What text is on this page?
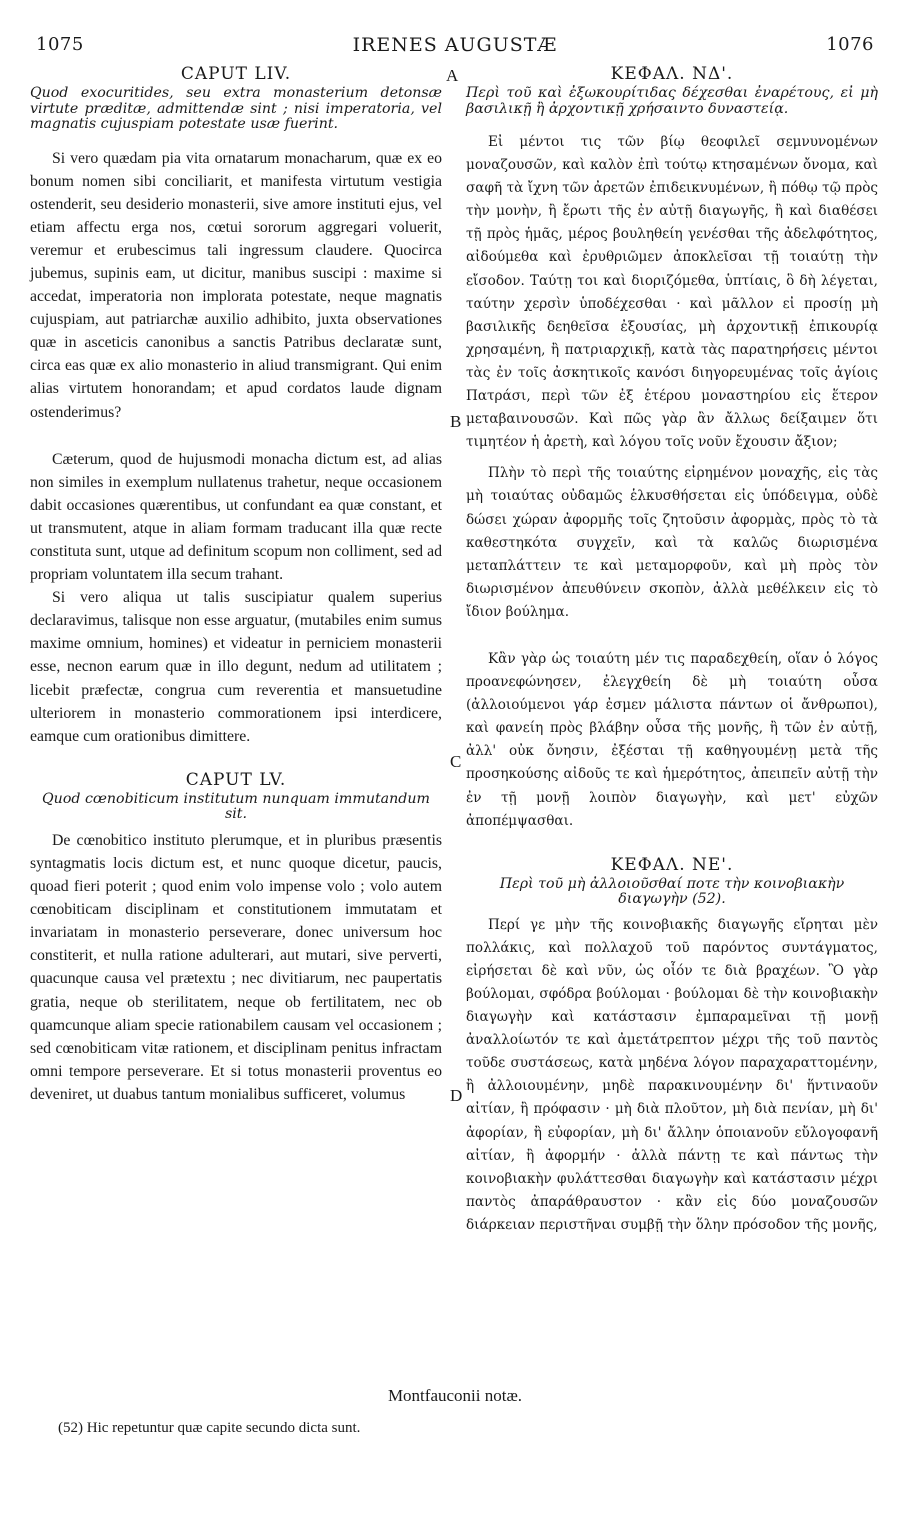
1075	IRENES AUGUSTÆ	1076
A
B
C
D
CAPUT LIV.
Quod exocuritides, seu extra monasterium detonsæ virtute præditæ, admittendæ sint ; nisi imperatoria, vel magnatis cujuspiam potestate usæ fuerint.

Si vero quædam pia vita ornatarum monacharum, quæ ex eo bonum nomen sibi conciliarit, et manifesta virtutum vestigia ostenderit, seu desiderio monasterii, sive amore instituti ejus, vel etiam affectu erga nos, cœtui sororum aggregari voluerit, veremur et erubescimus tali ingressum claudere. Quocirca jubemus, supinis eam, ut dicitur, manibus suscipi : maxime si accedat, imperatoria non implorata potestate, neque magnatis cujuspiam, aut patriarchæ auxilio adhibito, juxta observationes quæ in asceticis canonibus a sanctis Patribus declaratæ sunt, circa eas quæ ex alio monasterio in aliud transmigrant. Qui enim alias virtutem honorandam; et apud cordatos laude dignam ostenderimus?

Cæterum, quod de hujusmodi monacha dictum est, ad alias non similes in exemplum nullatenus trahetur, neque occasionem dabit occasiones quærentibus, ut confundant ea quæ constant, et ut transmutent, atque in aliam formam traducant illa quæ recte constituta sunt, utque ad definitum scopum non colliment, sed ad propriam voluntatem illa secum trahant.

Si vero aliqua ut talis suscipiatur qualem superius declaravimus, talisque non esse arguatur, (mutabiles enim sumus maxime omnium, homines) et videatur in perniciem monasterii esse, necnon earum quæ in illo degunt, nedum ad utilitatem ; licebit præfectæ, congrua cum reverentia et mansuetudine ulteriorem in monasterio commorationem ipsi interdicere, eamque cum orationibus dimittere.

CAPUT LV.
Quod cœnobiticum institutum nunquam immutandum sit.

De cœnobitico instituto plerumque, et in pluribus præsentis syntagmatis locis dictum est, et nunc quoque dicetur, paucis, quoad fieri poterit ; quod enim volo impense volo ; volo autem cœnobiticam disciplinam et constitutionem immutatam et invariatam in monasterio perseverare, donec universum hoc constiterit, et nulla ratione adulterari, aut mutari, sive perverti, quacunque causa vel prætextu ; nec divitiarum, nec paupertatis gratia, neque ob sterilitatem, neque ob fertilitatem, nec ob quamcunque aliam specie rationabilem causam vel occasionem ; sed cœnobiticam vitæ rationem, et disciplinam penitus infractam omni tempore perseverare. Et si totus monasterii proventus eo deveniret, ut duabus tantum monialibus sufficeret, volumus

ΚΕΦΑΛ. ΝΔ'.
Περὶ τοῦ καὶ ἐξωκουρίτιδας δέχεσθαι ἐναρέτους, εἰ μὴ βασιλικῇ ἢ ἀρχοντικῇ χρήσαιντο δυναστείᾳ.

Εἰ μέντοι τις τῶν βίῳ θεοφιλεῖ σεμνυνομένων μοναζουσῶν, καὶ καλὸν ἐπὶ τούτῳ κτησαμένων ὄνομα, καὶ σαφῆ τὰ ἴχνη τῶν ἀρετῶν ἐπιδεικνυμένων, ἢ πόθῳ τῷ πρὸς τὴν μονὴν, ἢ ἔρωτι τῆς ἐν αὐτῇ διαγωγῆς, ἢ καὶ διαθέσει τῇ πρὸς ἡμᾶς, μέρος βουληθείη γενέσθαι τῆς ἀδελφότητος, αἰδούμεθα καὶ ἐρυθριῶμεν ἀποκλεῖσαι τῇ τοιαύτῃ τὴν εἴσοδον. Ταύτῃ τοι καὶ διοριζόμεθα, ὑπτίαις, ὃ δὴ λέγεται, ταύτην χερσὶν ὑποδέχεσθαι · καὶ μᾶλλον εἰ προσίῃ μὴ βασιλικῆς δεηθεῖσα ἐξουσίας, μὴ ἀρχοντικῇ ἐπικουρίᾳ χρησαμένη, ἢ πατριαρχικῇ, κατὰ τὰς παρατηρήσεις μέντοι τὰς ἐν τοῖς ἀσκητικοῖς κανόσι διηγορευμένας τοῖς ἁγίοις Πατράσι, περὶ τῶν ἐξ ἑτέρου μοναστηρίου εἰς ἕτερον μεταβαινουσῶν. Καὶ πῶς γὰρ ἂν ἄλλως δείξαιμεν ὅτι τιμητέον ἡ ἀρετὴ, καὶ λόγου τοῖς νοῦν ἔχουσιν ἄξιον;

Πλὴν τὸ περὶ τῆς τοιαύτης εἰρημένον μοναχῆς, εἰς τὰς μὴ τοιαύτας οὐδαμῶς ἑλκυσθήσεται εἰς ὑπόδειγμα, οὐδὲ δώσει χώραν ἀφορμῆς τοῖς ζητοῦσιν ἀφορμὰς, πρὸς τὸ τὰ καθεστηκότα συγχεῖν, καὶ τὰ καλῶς διωρισμένα μεταπλάττειν τε καὶ μεταμορφοῦν, καὶ μὴ πρὸς τὸν διωρισμένον ἀπευθύνειν σκοπὸν, ἀλλὰ μεθέλκειν εἰς τὸ ἴδιον βούλημα.

Κἂν γὰρ ὡς τοιαύτη μέν τις παραδεχθείη, οἵαν ὁ λόγος προανεφώνησεν, ἐλεγχθείη δὲ μὴ τοιαύτη οὖσα (ἀλλοιούμενοι γάρ ἐσμεν μάλιστα πάντων οἱ ἄνθρωποι), καὶ φανείη πρὸς βλάβην οὖσα τῆς μονῆς, ἢ τῶν ἐν αὐτῇ, ἀλλ' οὐκ ὄνησιν, ἐξέσται τῇ καθηγουμένῃ μετὰ τῆς προσηκούσης αἰδοῦς τε καὶ ἡμερότητος, ἀπειπεῖν αὐτῇ τὴν ἐν τῇ μονῇ λοιπὸν διαγωγὴν, καὶ μετ' εὐχῶν ἀποπέμψασθαι.

ΚΕΦΑΛ. ΝΕ'.
Περὶ τοῦ μὴ ἀλλοιοῦσθαί ποτε τὴν κοινοβιακὴν διαγωγὴν (52).

Περί γε μὴν τῆς κοινοβιακῆς διαγωγῆς εἴρηται μὲν πολλάκις, καὶ πολλαχοῦ τοῦ παρόντος συντάγματος, εἰρήσεται δὲ καὶ νῦν, ὡς οἷόν τε διὰ βραχέων. Ὃ γὰρ βούλομαι, σφόδρα βούλομαι · βούλομαι δὲ τὴν κοινοβιακὴν διαγωγὴν καὶ κατάστασιν ἐμπαραμεῖναι τῇ μονῇ ἀναλλοίωτόν τε καὶ ἀμετάτρεπτον μέχρι τῆς τοῦ παντὸς τοῦδε συστάσεως, κατὰ μηδένα λόγον παραχαραττομένην, ἢ ἀλλοιουμένην, μηδὲ παρακινουμένην δι' ἥντιναοῦν αἰτίαν, ἢ πρόφασιν · μὴ διὰ πλοῦτον, μὴ διὰ πενίαν, μὴ δι' ἀφορίαν, ἢ εὐφορίαν, μὴ δι' ἄλλην ὁποιανοῦν εὔλογοφανῆ αἰτίαν, ἢ ἀφορμήν · ἀλλὰ πάντῃ τε καὶ πάντως τὴν κοινοβιακὴν φυλάττεσθαι διαγωγὴν καὶ κατάστασιν μέχρι παντὸς ἀπαράθραυστον · κἂν εἰς δύο μοναζουσῶν διάρκειαν περιστῆναι συμβῇ τὴν ὅλην πρόσοδον τῆς μονῆς,

Montfauconii notæ.
(52) Hic repetuntur quæ capite secundo dicta sunt.
